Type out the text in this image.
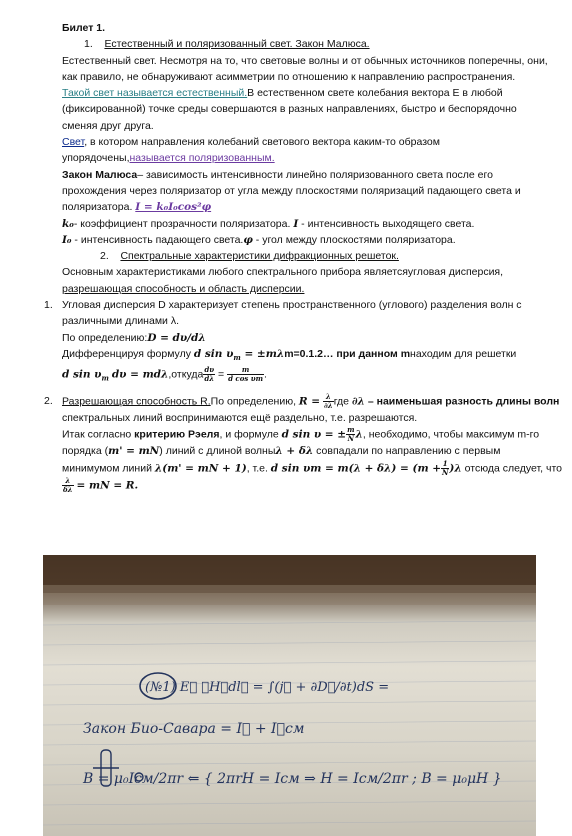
Билет 1.
1. Естественный и поляризованный свет. Закон Малюса.
Естественный свет. Несмотря на то, что световые волны и от обычных источников поперечны, они,
как правило, не обнаруживают асимметрии по отношению к направлению распространения.
Такой свет называется естественный.В естественном свете колебания вектора Е в любой
(фиксированной) точке среды совершаются в разных направлениях, быстро и беспорядочно
сменяя друг друга.
Свет, в котором направления колебаний светового вектора каким-то образом
упорядочены,называется поляризованным.
Закон Малюса– зависимость интенсивности линейно поляризованного света после его
прохождения через поляризатор от угла между плоскостями поляризаций падающего света и
поляризатора. I = k₀I₀cos²φ
k₀- коэффициент прозрачности поляризатора. I - интенсивность выходящего света.
I₀ - интенсивность падающего света.φ - угол между плоскостями поляризатора.
2. Спектральные характеристики дифракционных решеток.
Основным характеристиками любого спектрального прибора являетсяугловая дисперсия,
разрешающая способность и область дисперсии.
1. Угловая дисперсия D характеризует степень пространственного (углового) разделения волн с
различными длинами λ.
По определению:D = dυ/dλ
Дифференцируя формулу d $\sin \upsilon_m$ = ±mλm=0.1.2… при данном mнаходим для решетки
d $\sin \upsilon_m$ dυ = mdλ,откуда $\frac{d\upsilon}{d\lambda} = \frac{m}{\text{d cos υm}}$ .
2. Разрешающая способность R.По определению, $R = \frac{\lambda}{\partial\lambda}$ где ∂λ – наименьшая разность длины волн
спектральных линий воспринимаются ещё раздельно, т.е. разрешаются.
Итак согласно критерию Рэеля, и формуле d sin υ = ± $\frac{m}{N} \lambda$, необходимо, чтобы максимум m-го
порядка (m' = mN) линий с длиной волныλ + δλ совпадали по направлению с первым
минимумом линий λ(m' = mN + 1), т.е. d $\sin \upsilon m = m(\lambda + \delta\lambda) = (m + \frac{1}{N} )\lambda$ отсюда следует, что
$\frac{\lambda}{\delta\lambda}$ = mN = R.
(№1) E⃗ ∮H⃗dl⃗ = ∫(j⃗ + ∂D⃗/∂t)dS =
Закон Био-Савара = I⃗ + I⃗см
B = μ₀Iсм/2πr ⇐ { 2πrH = Iсм ⇒ H = Iсм/2πr ; B = μ₀μH }
